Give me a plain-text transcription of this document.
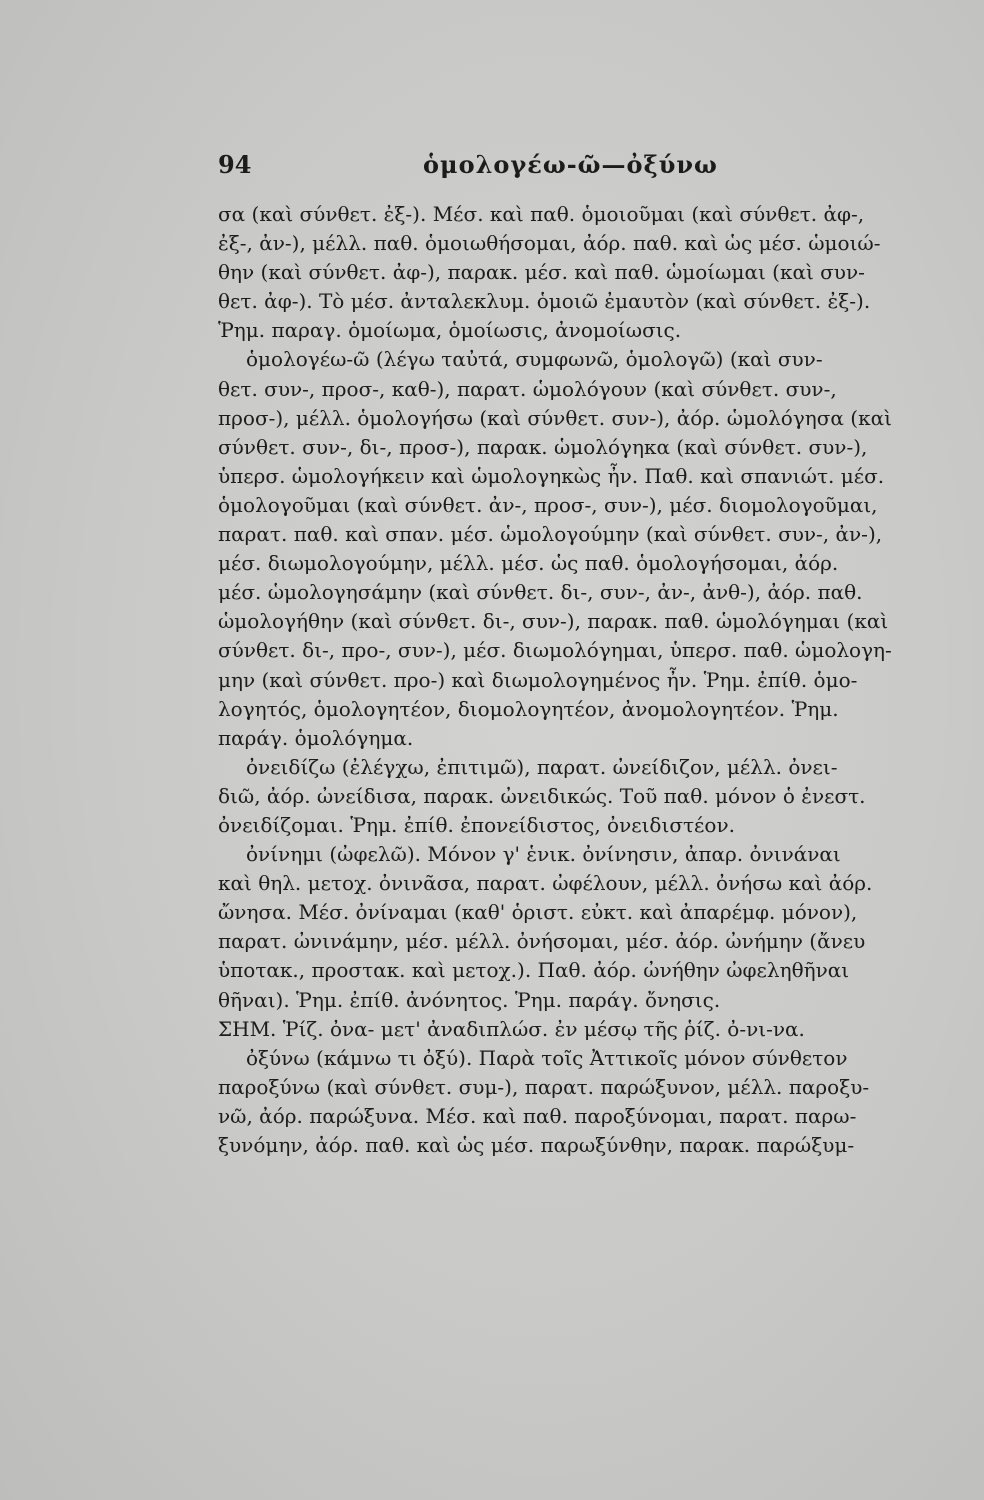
94	ὁμολογέω-ῶ—ὀξύνω
σα (καὶ σύνθετ. ἐξ-). Μέσ. καὶ παθ. ὁμοιοῦμαι (καὶ σύνθετ. ἀφ-,
ἐξ-, ἀν-), μέλλ. παθ. ὁμοιωθήσομαι, ἀόρ. παθ. καὶ ὡς μέσ. ὡμοιώ-
θην (καὶ σύνθετ. ἀφ-), παρακ. μέσ. καὶ παθ. ὡμοίωμαι (καὶ συν-
θετ. ἀφ-). Τὸ μέσ. ἀνταλεκλυμ. ὁμοιῶ ἐμαυτὸν (καὶ σύνθετ. ἐξ-).
Ῥημ. παραγ. ὁμοίωμα, ὁμοίωσις, ἀνομοίωσις.
ὁμολογέω-ῶ (λέγω ταὐτά, συμφωνῶ, ὁμολογῶ) (καὶ συν-
θετ. συν-, προσ-, καθ-), παρατ. ὡμολόγουν (καὶ σύνθετ. συν-,
προσ-), μέλλ. ὁμολογήσω (καὶ σύνθετ. συν-), ἀόρ. ὡμολόγησα (καὶ
σύνθετ. συν-, δι-, προσ-), παρακ. ὡμολόγηκα (καὶ σύνθετ. συν-),
ὑπερσ. ὡμολογήκειν καὶ ὡμολογηκὼς ἦν. Παθ. καὶ σπανιώτ. μέσ.
ὁμολογοῦμαι (καὶ σύνθετ. ἀν-, προσ-, συν-), μέσ. διομολογοῦμαι,
παρατ. παθ. καὶ σπαν. μέσ. ὡμολογούμην (καὶ σύνθετ. συν-, ἀν-),
μέσ. διωμολογούμην, μέλλ. μέσ. ὡς παθ. ὁμολογήσομαι, ἀόρ.
μέσ. ὡμολογησάμην (καὶ σύνθετ. δι-, συν-, ἀν-, ἀνθ-), ἀόρ. παθ.
ὡμολογήθην (καὶ σύνθετ. δι-, συν-), παρακ. παθ. ὡμολόγημαι (καὶ
σύνθετ. δι-, προ-, συν-), μέσ. διωμολόγημαι, ὑπερσ. παθ. ὡμολογη-
μην (καὶ σύνθετ. προ-) καὶ διωμολογημένος ἦν. Ῥημ. ἐπίθ. ὁμο-
λογητός, ὁμολογητέον, διομολογητέον, ἀνομολογητέον. Ῥημ.
παράγ. ὁμολόγημα.
ὀνειδίζω (ἐλέγχω, ἐπιτιμῶ), παρατ. ὠνείδιζον, μέλλ. ὀνει-
διῶ, ἀόρ. ὠνείδισα, παρακ. ὠνειδικώς. Τοῦ παθ. μόνον ὁ ἐνεστ.
ὀνειδίζομαι. Ῥημ. ἐπίθ. ἐπονείδιστος, ὀνειδιστέον.
ὀνίνημι (ὠφελῶ). Μόνον γ' ἑνικ. ὀνίνησιν, ἀπαρ. ὀνινάναι
καὶ θηλ. μετοχ. ὀνινᾶσα, παρατ. ὠφέλουν, μέλλ. ὀνήσω καὶ ἀόρ.
ὤνησα. Μέσ. ὀνίναμαι (καθ' ὁριστ. εὐκτ. καὶ ἀπαρέμφ. μόνον),
παρατ. ὠνινάμην, μέσ. μέλλ. ὀνήσομαι, μέσ. ἀόρ. ὠνήμην (ἄνευ
ὑποτακ., προστακ. καὶ μετοχ.). Παθ. ἀόρ. ὠνήθην ὠφεληθῆναι
θῆναι). Ῥημ. ἐπίθ. ἀνόνητος. Ῥημ. παράγ. ὄνησις.
ΣΗΜ. Ῥίζ. ὀνα- μετ' ἀναδιπλώσ. ἐν μέσῳ τῆς ῥίζ. ὀ-νι-να.
ὀξύνω (κάμνω τι ὀξύ). Παρὰ τοῖς Ἀττικοῖς μόνον σύνθετον
παροξύνω (καὶ σύνθετ. συμ-), παρατ. παρώξυνον, μέλλ. παροξυ-
νῶ, ἀόρ. παρώξυνα. Μέσ. καὶ παθ. παροξύνομαι, παρατ. παρω-
ξυνόμην, ἀόρ. παθ. καὶ ὡς μέσ. παρωξύνθην, παρακ. παρώξυμ-
